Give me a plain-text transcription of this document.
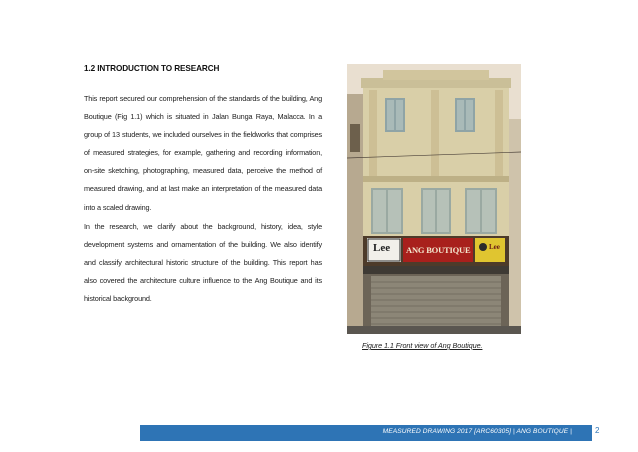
1.2 INTRODUCTION TO RESEARCH
This report secured our comprehension of the standards of the building, Ang Boutique (Fig 1.1) which is situated in Jalan Bunga Raya, Malacca. In a group of 13 students, we included ourselves in the fieldworks that comprises of measured strategies, for example, gathering and recording information, on-site sketching, photographing, measured data, perceive the method of measured drawing, and at last make an interpretation of the measured data into a scaled drawing.
In the research, we clarify about the background, history, idea, style development systems and ornamentation of the building. We also identify and classify architectural historic structure of the building. This report has also covered the architecture culture influence to the Ang Boutique and its historical background.
Lee ANG BOUTIQUE	Lee
Figure 1.1 Front view of Ang Boutique.
MEASURED DRAWING 2017 [ARC60305] | ANG BOUTIQUE |	2
